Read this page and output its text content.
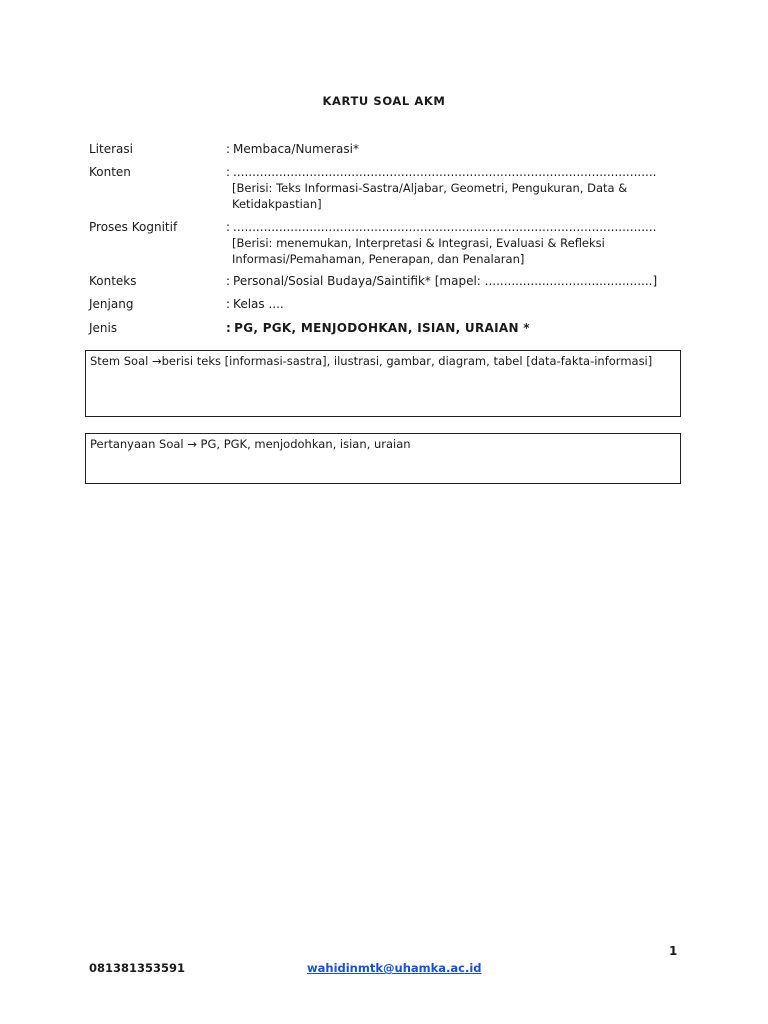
KARTU SOAL AKM
Literasi	: Membaca/Numerasi*
Konten	: ...............................................................................................................
[Berisi: Teks Informasi-Sastra/Aljabar, Geometri, Pengukuran, Data &
Ketidakpastian]
Proses Kognitif	: ...............................................................................................................
[Berisi: menemukan, Interpretasi & Integrasi, Evaluasi & Refleksi
Informasi/Pemahaman, Penerapan, dan Penalaran]
Konteks	: Personal/Sosial Budaya/Saintifik* [mapel: ............................................]
Jenjang	: Kelas ....
Jenis	: PG, PGK, MENJODOHKAN, ISIAN, URAIAN *
Stem Soal →berisi teks [informasi-sastra], ilustrasi, gambar, diagram, tabel [data-fakta-informasi]
Pertanyaan Soal → PG, PGK, menjodohkan, isian, uraian
1
081381353591	wahidinmtk@uhamka.ac.id
